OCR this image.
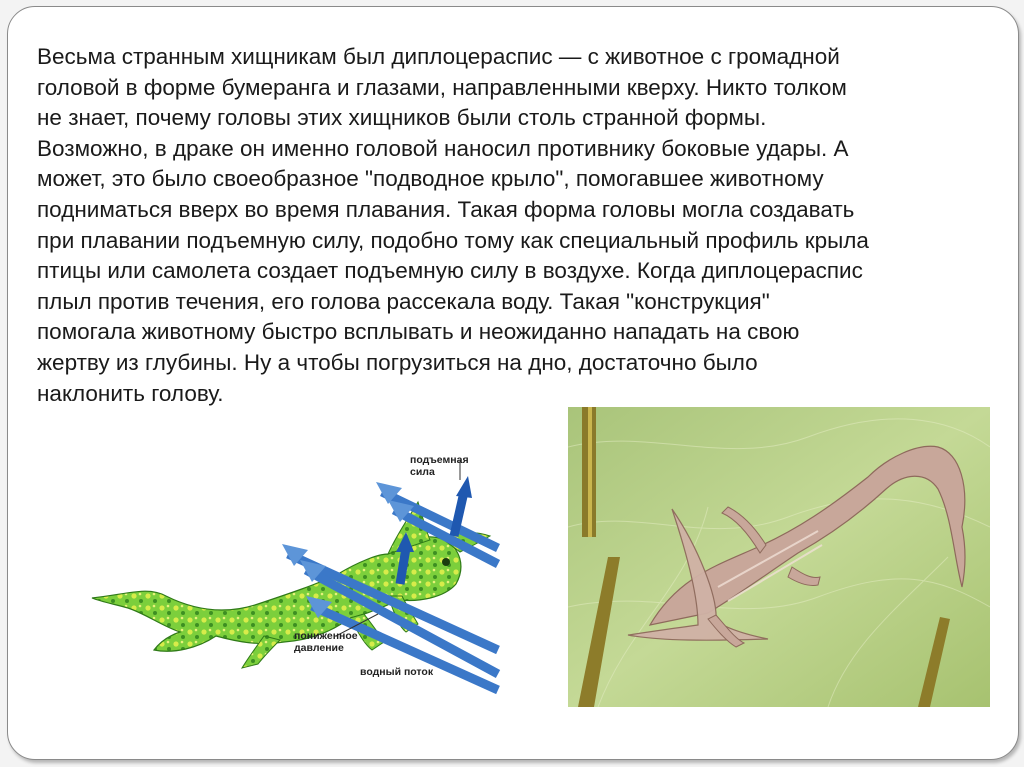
Весьма странным хищникам был диплоцераспис — с животное с громадной
головой в форме бумеранга и глазами, направленными кверху. Никто толком
не знает, почему головы этих хищников были столь странной формы.
Возможно, в драке он именно головой наносил противнику боковые удары. А
может, это было своеобразное "подводное крыло", помогавшее животному
подниматься вверх во время плавания. Такая форма головы могла создавать
при плавании подъемную силу, подобно тому как специальный профиль крыла
птицы или самолета создает подъемную силу в воздухе. Когда диплоцераспис
плыл против течения, его голова рассекала воду. Такая "конструкция"
помогала животному быстро всплывать и неожиданно нападать на свою
жертву из глубины. Ну а чтобы погрузиться на дно, достаточно было
наклонить голову.
подъемная
сила
пониженное
давление
водный поток
